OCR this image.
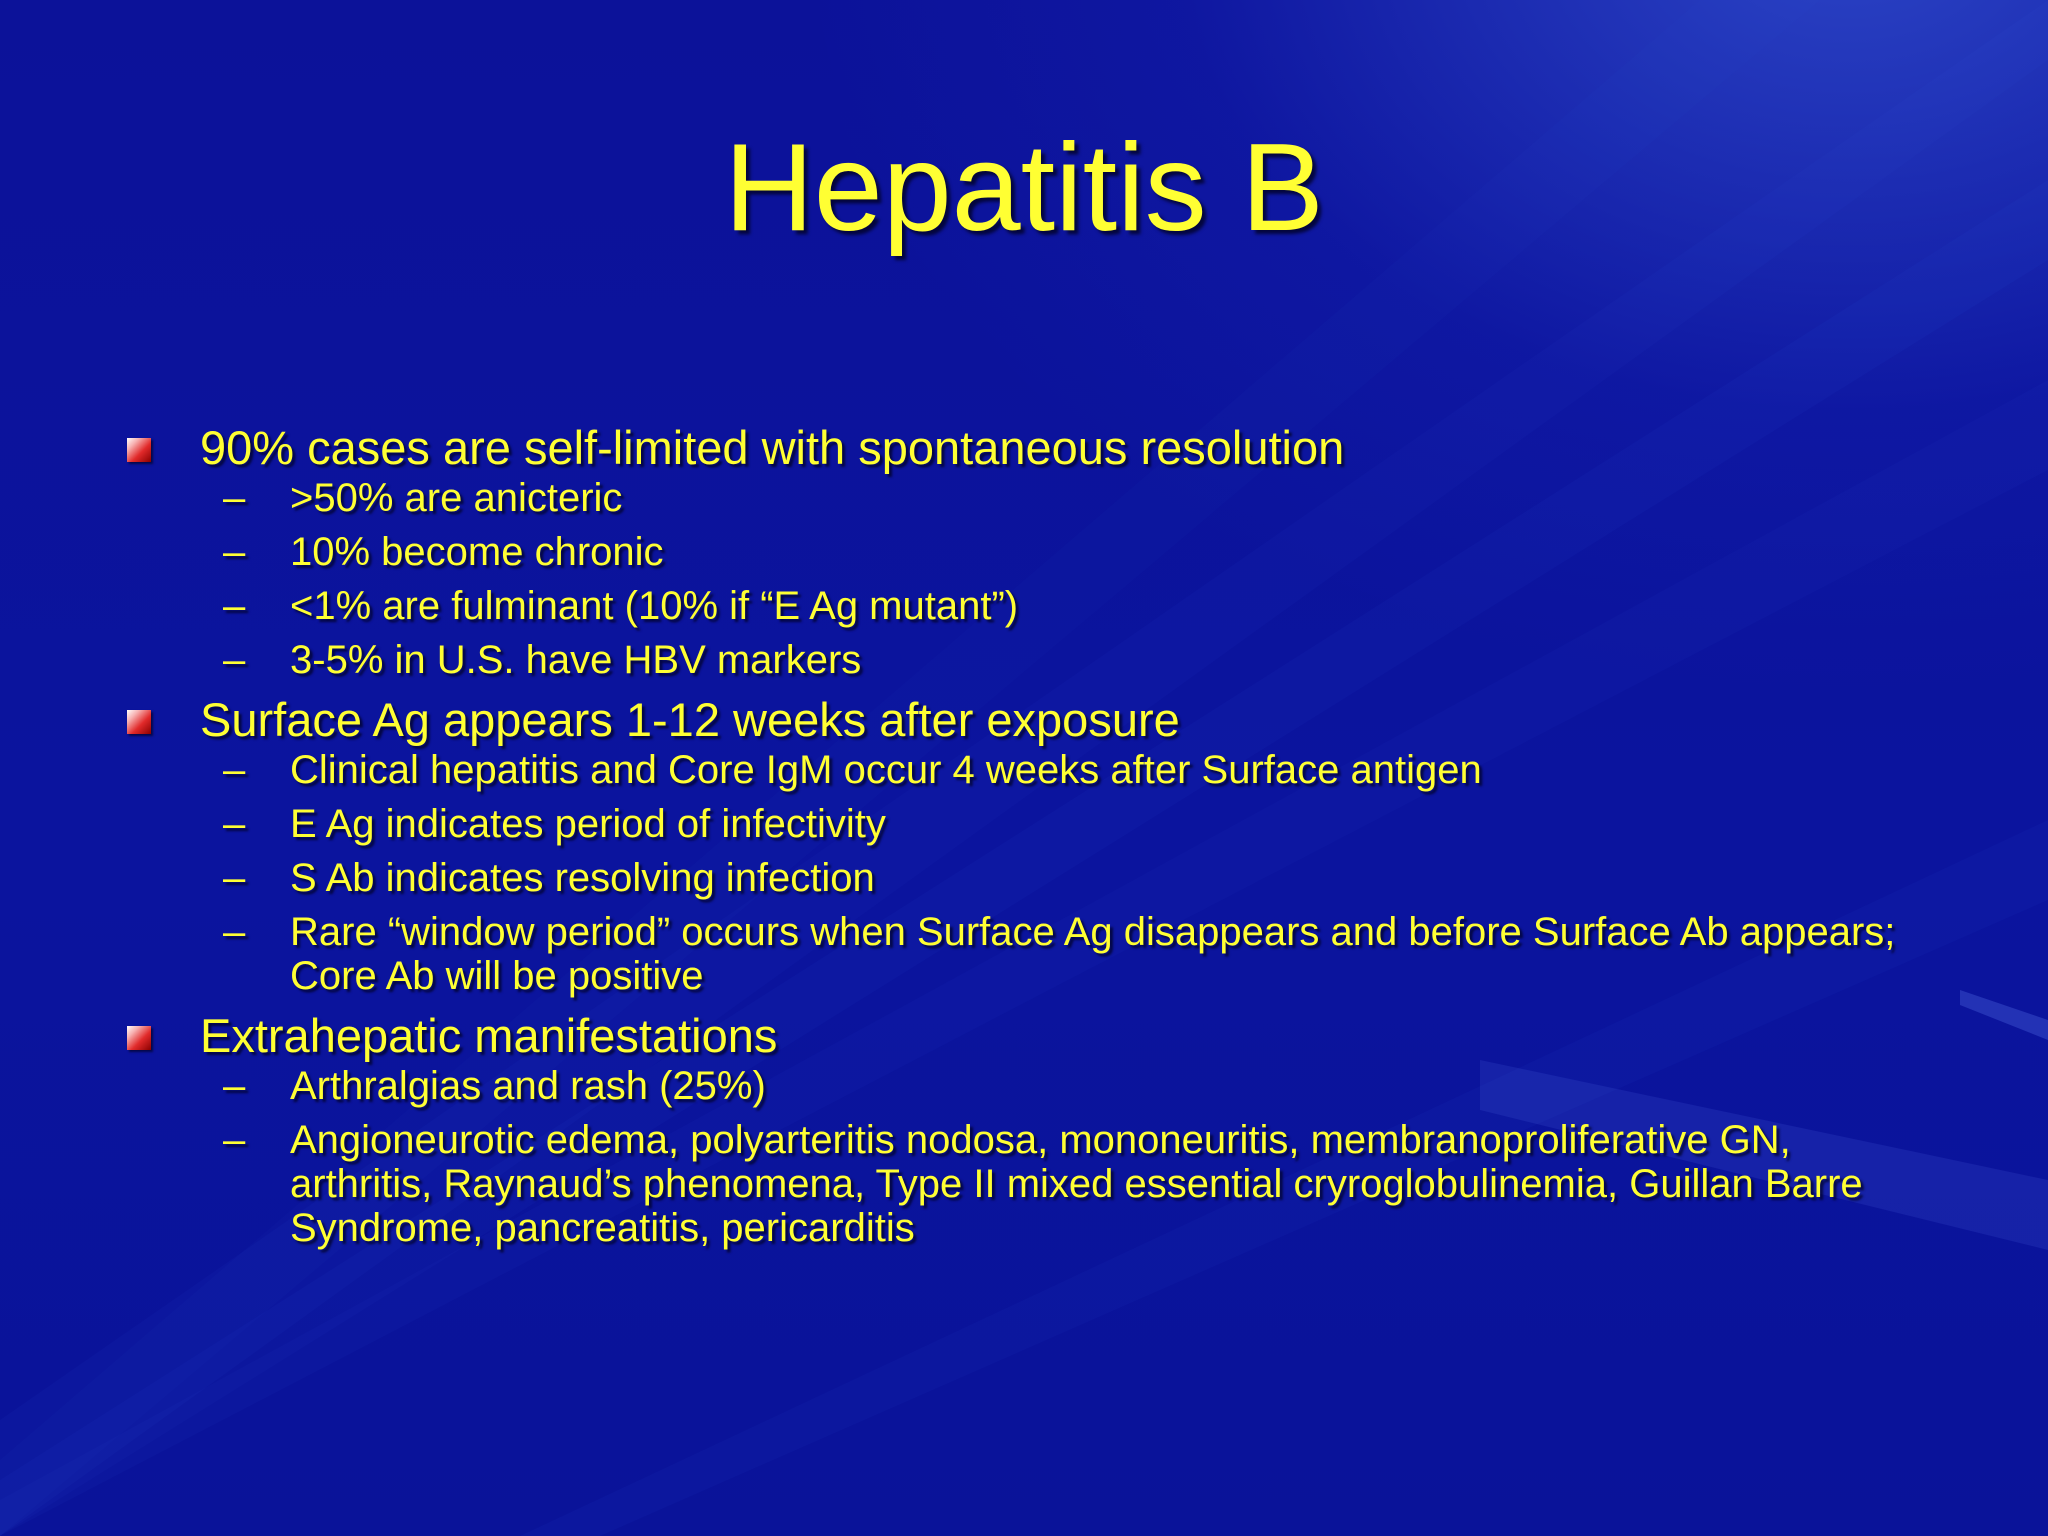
Hepatitis B
90% cases are self-limited with spontaneous resolution
– >50% are anicteric
– 10% become chronic
– <1% are fulminant (10% if “E Ag mutant”)
– 3-5% in U.S. have HBV markers
Surface Ag appears 1-12 weeks after exposure
– Clinical hepatitis and Core IgM occur 4 weeks after Surface antigen
– E Ag indicates period of infectivity
– S Ab indicates resolving infection
– Rare “window period” occurs when Surface Ag disappears and before Surface Ab appears; Core Ab will be positive
Extrahepatic manifestations
– Arthralgias and rash (25%)
– Angioneurotic edema, polyarteritis nodosa, mononeuritis, membranoproliferative GN, arthritis, Raynaud’s phenomena, Type II mixed essential cryroglobulinemia, Guillan Barre Syndrome, pancreatitis, pericarditis
